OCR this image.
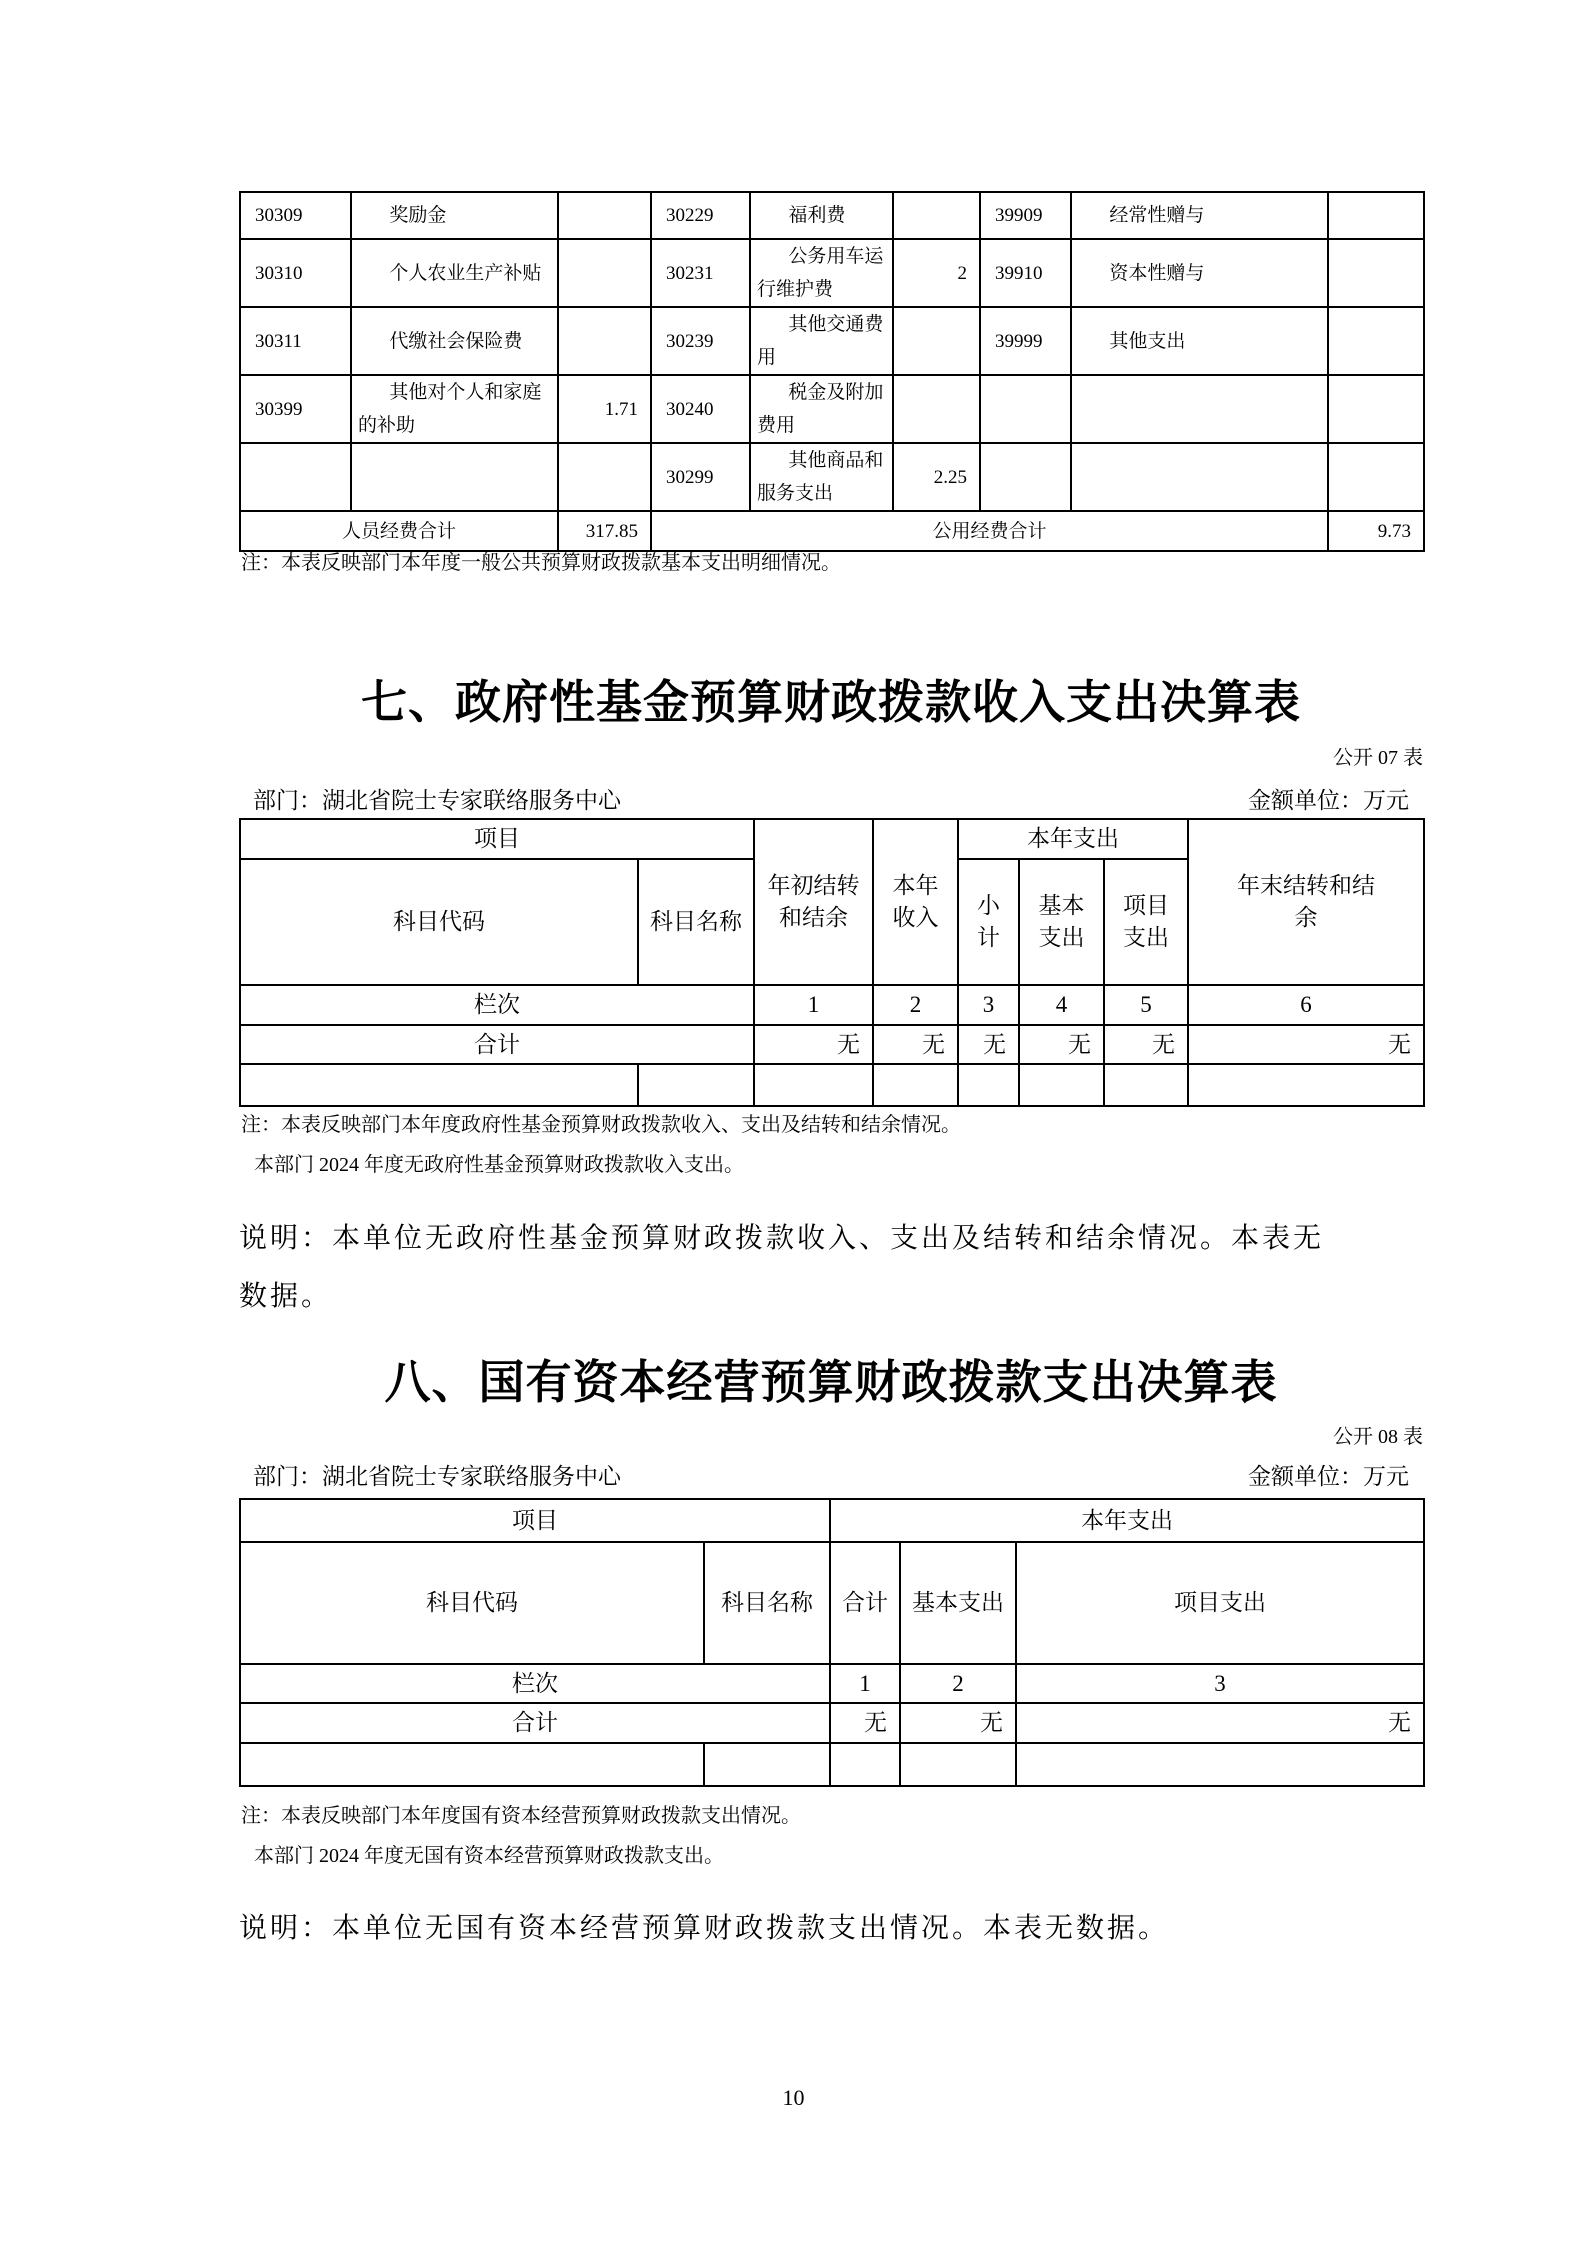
30309	奖励金		30229	福利费		39909	经常性赠与	
30310	个人农业生产补贴		30231	公务用车运行维护费	2	39910	资本性赠与	
30311	代缴社会保险费		30239	其他交通费用		39999	其他支出	
30399	其他对个人和家庭的补助	1.71	30240	税金及附加费用				
			30299	其他商品和服务支出	2.25			
人员经费合计		317.85	公用经费合计					9.73
注：本表反映部门本年度一般公共预算财政拨款基本支出明细情况。
七、政府性基金预算财政拨款收入支出决算表
公开 07 表
部门：湖北省院士专家联络服务中心	金额单位：万元
项目		年初结转和结余	本年收入	本年支出			年末结转和结余
科目代码	科目名称			小计	基本支出	项目支出	
栏次		1	2	3	4	5	6
合计		无	无	无	无	无	无

注：本表反映部门本年度政府性基金预算财政拨款收入、支出及结转和结余情况。
本部门 2024 年度无政府性基金预算财政拨款收入支出。
说明：本单位无政府性基金预算财政拨款收入、支出及结转和结余情况。本表无
数据。
八、国有资本经营预算财政拨款支出决算表
公开 08 表
部门：湖北省院士专家联络服务中心	金额单位：万元
项目		本年支出		
科目代码	科目名称	合计	基本支出	项目支出
栏次		1	2	3
合计		无	无	无

注：本表反映部门本年度国有资本经营预算财政拨款支出情况。
本部门 2024 年度无国有资本经营预算财政拨款支出。
说明：本单位无国有资本经营预算财政拨款支出情况。本表无数据。
10
